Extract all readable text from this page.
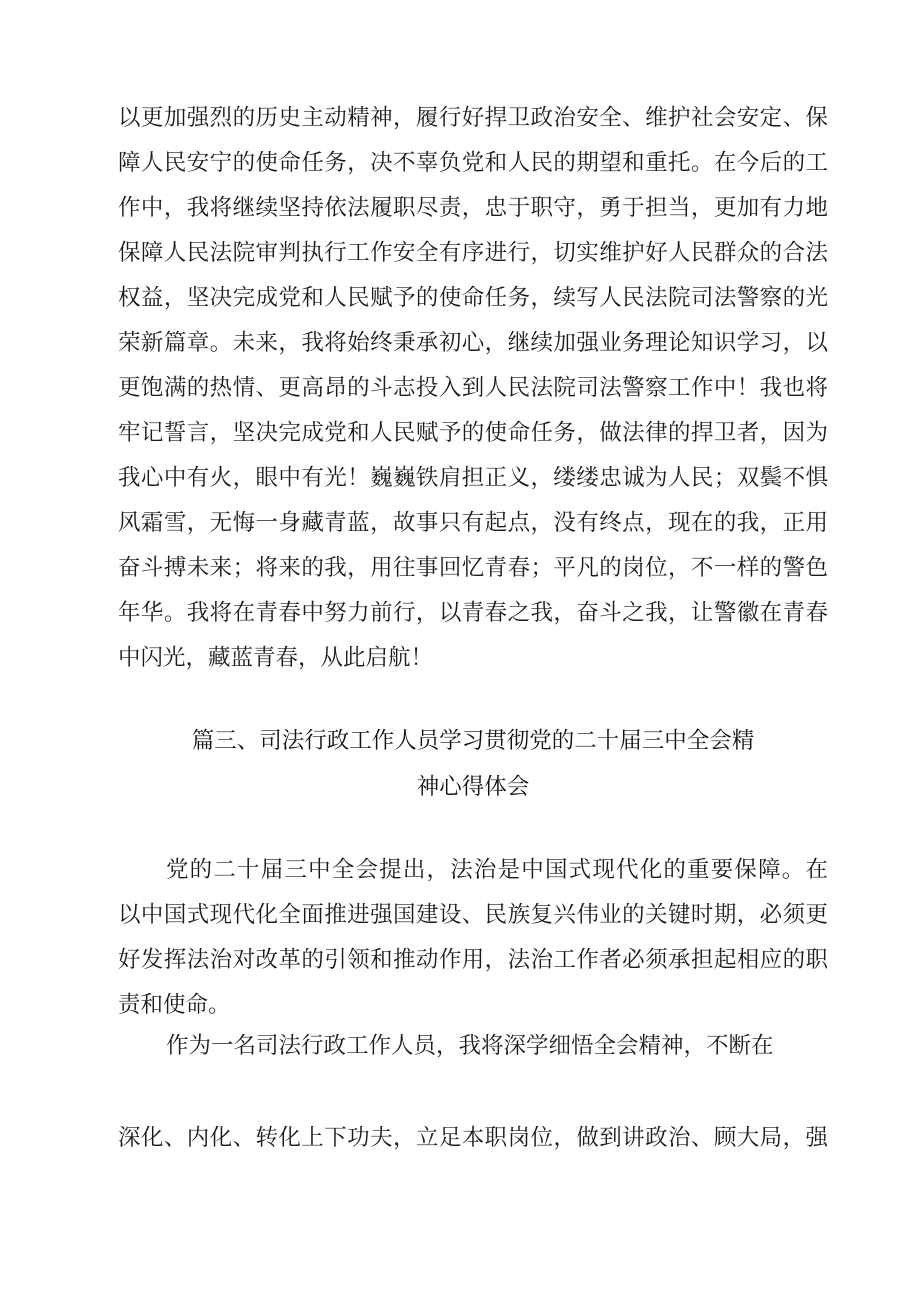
以更加强烈的历史主动精神，履行好捍卫政治安全、维护社会安定、保
障人民安宁的使命任务，决不辜负党和人民的期望和重托。在今后的工
作中，我将继续坚持依法履职尽责，忠于职守，勇于担当，更加有力地
保障人民法院审判执行工作安全有序进行，切实维护好人民群众的合法
权益，坚决完成党和人民赋予的使命任务，续写人民法院司法警察的光
荣新篇章。未来，我将始终秉承初心，继续加强业务理论知识学习，以
更饱满的热情、更高昂的斗志投入到人民法院司法警察工作中！我也将
牢记誓言，坚决完成党和人民赋予的使命任务，做法律的捍卫者，因为
我心中有火，眼中有光！巍巍铁肩担正义，缕缕忠诚为人民；双鬓不惧
风霜雪，无悔一身藏青蓝，故事只有起点，没有终点，现在的我，正用
奋斗搏未来；将来的我，用往事回忆青春；平凡的岗位，不一样的警色
年华。我将在青春中努力前行，以青春之我，奋斗之我，让警徽在青春
中闪光，藏蓝青春，从此启航！
篇三、司法行政工作人员学习贯彻党的二十届三中全会精
神心得体会
党的二十届三中全会提出，法治是中国式现代化的重要保障。在
以中国式现代化全面推进强国建设、民族复兴伟业的关键时期，必须更
好发挥法治对改革的引领和推动作用，法治工作者必须承担起相应的职
责和使命。
作为一名司法行政工作人员，我将深学细悟全会精神，不断在
深化、内化、转化上下功夫，立足本职岗位，做到讲政治、顾大局，强
